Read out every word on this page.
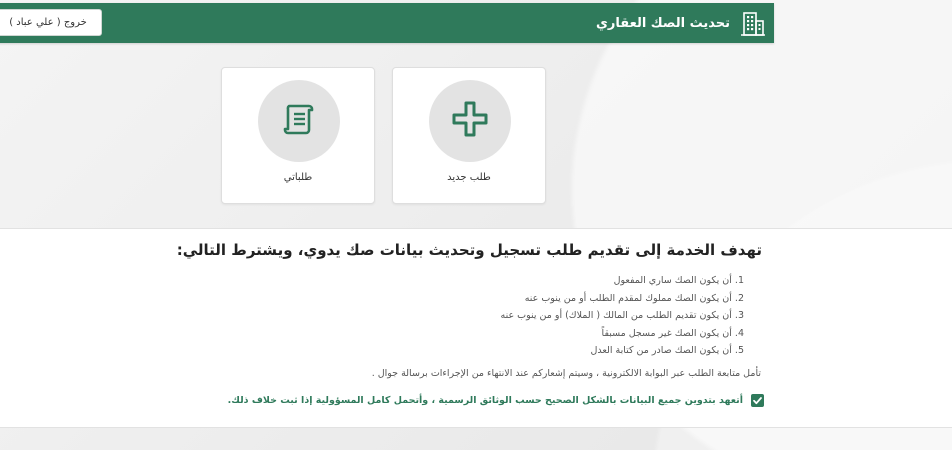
تحديث الصك العقاري
خروج ( علي عباد )
طلب جديد
طلباتي
تهدف الخدمة إلى تقديم طلب تسجيل وتحديث بيانات صك يدوي، ويشترط التالي:
1. أن يكون الصك ساري المفعول
2. أن يكون الصك مملوك لمقدم الطلب أو من ينوب عنه
3. أن يكون تقديم الطلب من المالك ( الملاك) أو من ينوب عنه
4. أن يكون الصك غير مسجل مسبقاً
5. أن يكون الصك صادر من كتابة العدل
تأمل متابعة الطلب عبر البوابة الالكترونية ، وسيتم إشعاركم عند الانتهاء من الإجراءات برسالة جوال .
أتعهد بتدوين جميع البيانات بالشكل الصحيح حسب الوثائق الرسمية ، وأتحمل كامل المسؤولية إذا ثبت خلاف ذلك.
